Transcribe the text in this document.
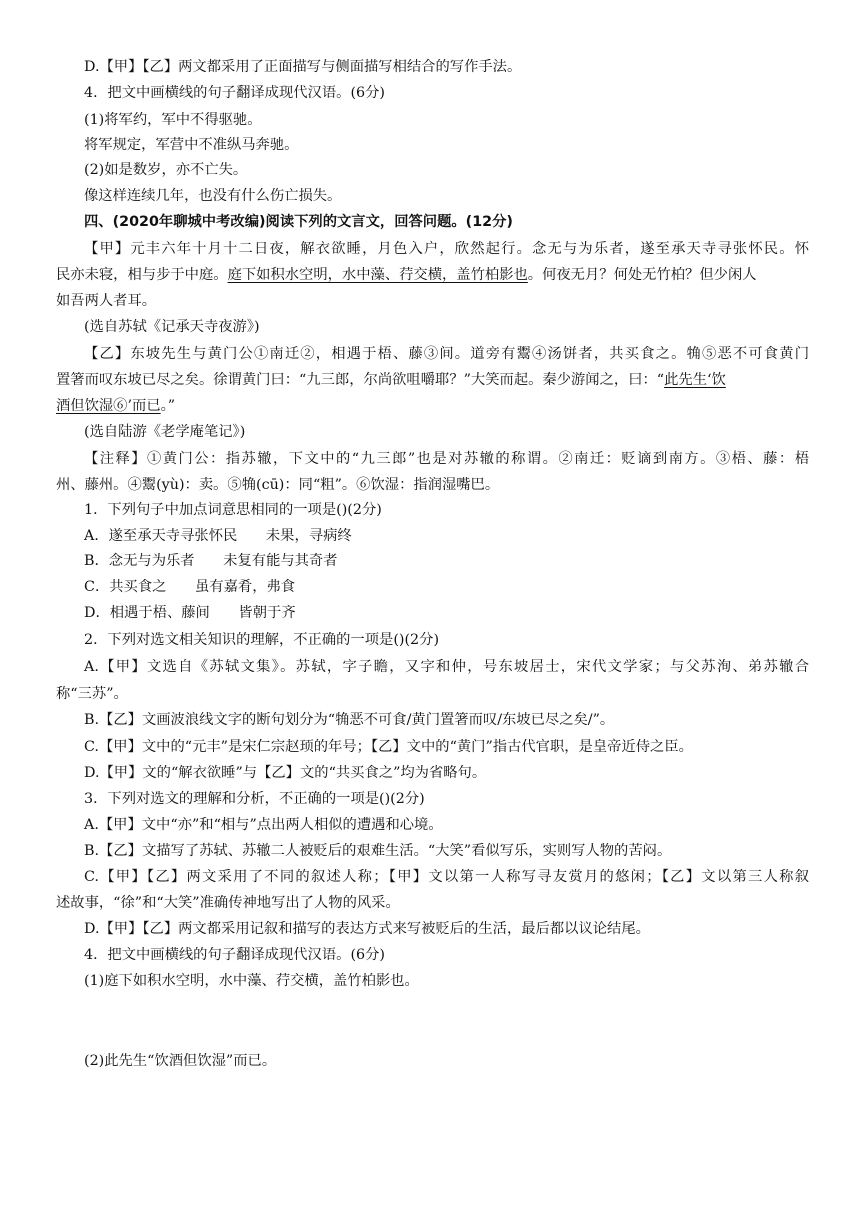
D.【甲】【乙】两文都采用了正面描写与侧面描写相结合的写作手法。
4．把文中画横线的句子翻译成现代汉语。(6分)
(1)将军约，军中不得驱驰。
将军规定，军营中不准纵马奔驰。
(2)如是数岁，亦不亡失。
像这样连续几年，也没有什么伤亡损失。
四、(2020年聊城中考改编)阅读下列的文言文，回答问题。(12分)
【甲】元丰六年十月十二日夜，解衣欲睡，月色入户，欣然起行。念无与为乐者，遂至承天寺寻张怀民。怀
民亦未寝，相与步于中庭。庭下如积水空明，水中藻、荇交横，盖竹柏影也。何夜无月？何处无竹柏？但少闲人
如吾两人者耳。
(选自苏轼《记承天寺夜游》)
【乙】东坡先生与黄门公①南迁②，相遇于梧、藤③间。道旁有鬻④汤饼者，共买食之。觕⑤恶不可食黄门
置箸而叹东坡已尽之矣。徐谓黄门曰：“九三郎，尔尚欲咀嚼耶？”大笑而起。秦少游闻之，曰：“此先生‘饮
酒但饮湿⑥’而已。”
(选自陆游《老学庵笔记》)
【注释】①黄门公：指苏辙，下文中的“九三郎”也是对苏辙的称谓。②南迁：贬谪到南方。③梧、藤：梧
州、藤州。④鬻(yù)：卖。⑤觕(cū)：同“粗”。⑥饮湿：指润湿嘴巴。
1．下列句子中加点词意思相同的一项是()(2分)
A．遂至承天寺寻张怀民　　未果，寻病终
B．念无与为乐者　　未复有能与其奇者
C．共买食之　　虽有嘉肴，弗食
D．相遇于梧、藤间　　皆朝于齐
2．下列对选文相关知识的理解，不正确的一项是()(2分)
A.【甲】文选自《苏轼文集》。苏轼，字子瞻，又字和仲，号东坡居士，宋代文学家；与父苏洵、弟苏辙合
称“三苏”。
B.【乙】文画波浪线文字的断句划分为“觕恶不可食/黄门置箸而叹/东坡已尽之矣/”。
C.【甲】文中的“元丰”是宋仁宗赵顼的年号；【乙】文中的“黄门”指古代官职，是皇帝近侍之臣。
D.【甲】文的“解衣欲睡”与【乙】文的“共买食之”均为省略句。
3．下列对选文的理解和分析，不正确的一项是()(2分)
A.【甲】文中“亦”和“相与”点出两人相似的遭遇和心境。
B.【乙】文描写了苏轼、苏辙二人被贬后的艰难生活。“大笑”看似写乐，实则写人物的苦闷。
C.【甲】【乙】两文采用了不同的叙述人称；【甲】文以第一人称写寻友赏月的悠闲；【乙】文以第三人称叙
述故事，“徐”和“大笑”准确传神地写出了人物的风采。
D.【甲】【乙】两文都采用记叙和描写的表达方式来写被贬后的生活，最后都以议论结尾。
4．把文中画横线的句子翻译成现代汉语。(6分)
(1)庭下如积水空明，水中藻、荇交横，盖竹柏影也。
(2)此先生“饮酒但饮湿”而已。
